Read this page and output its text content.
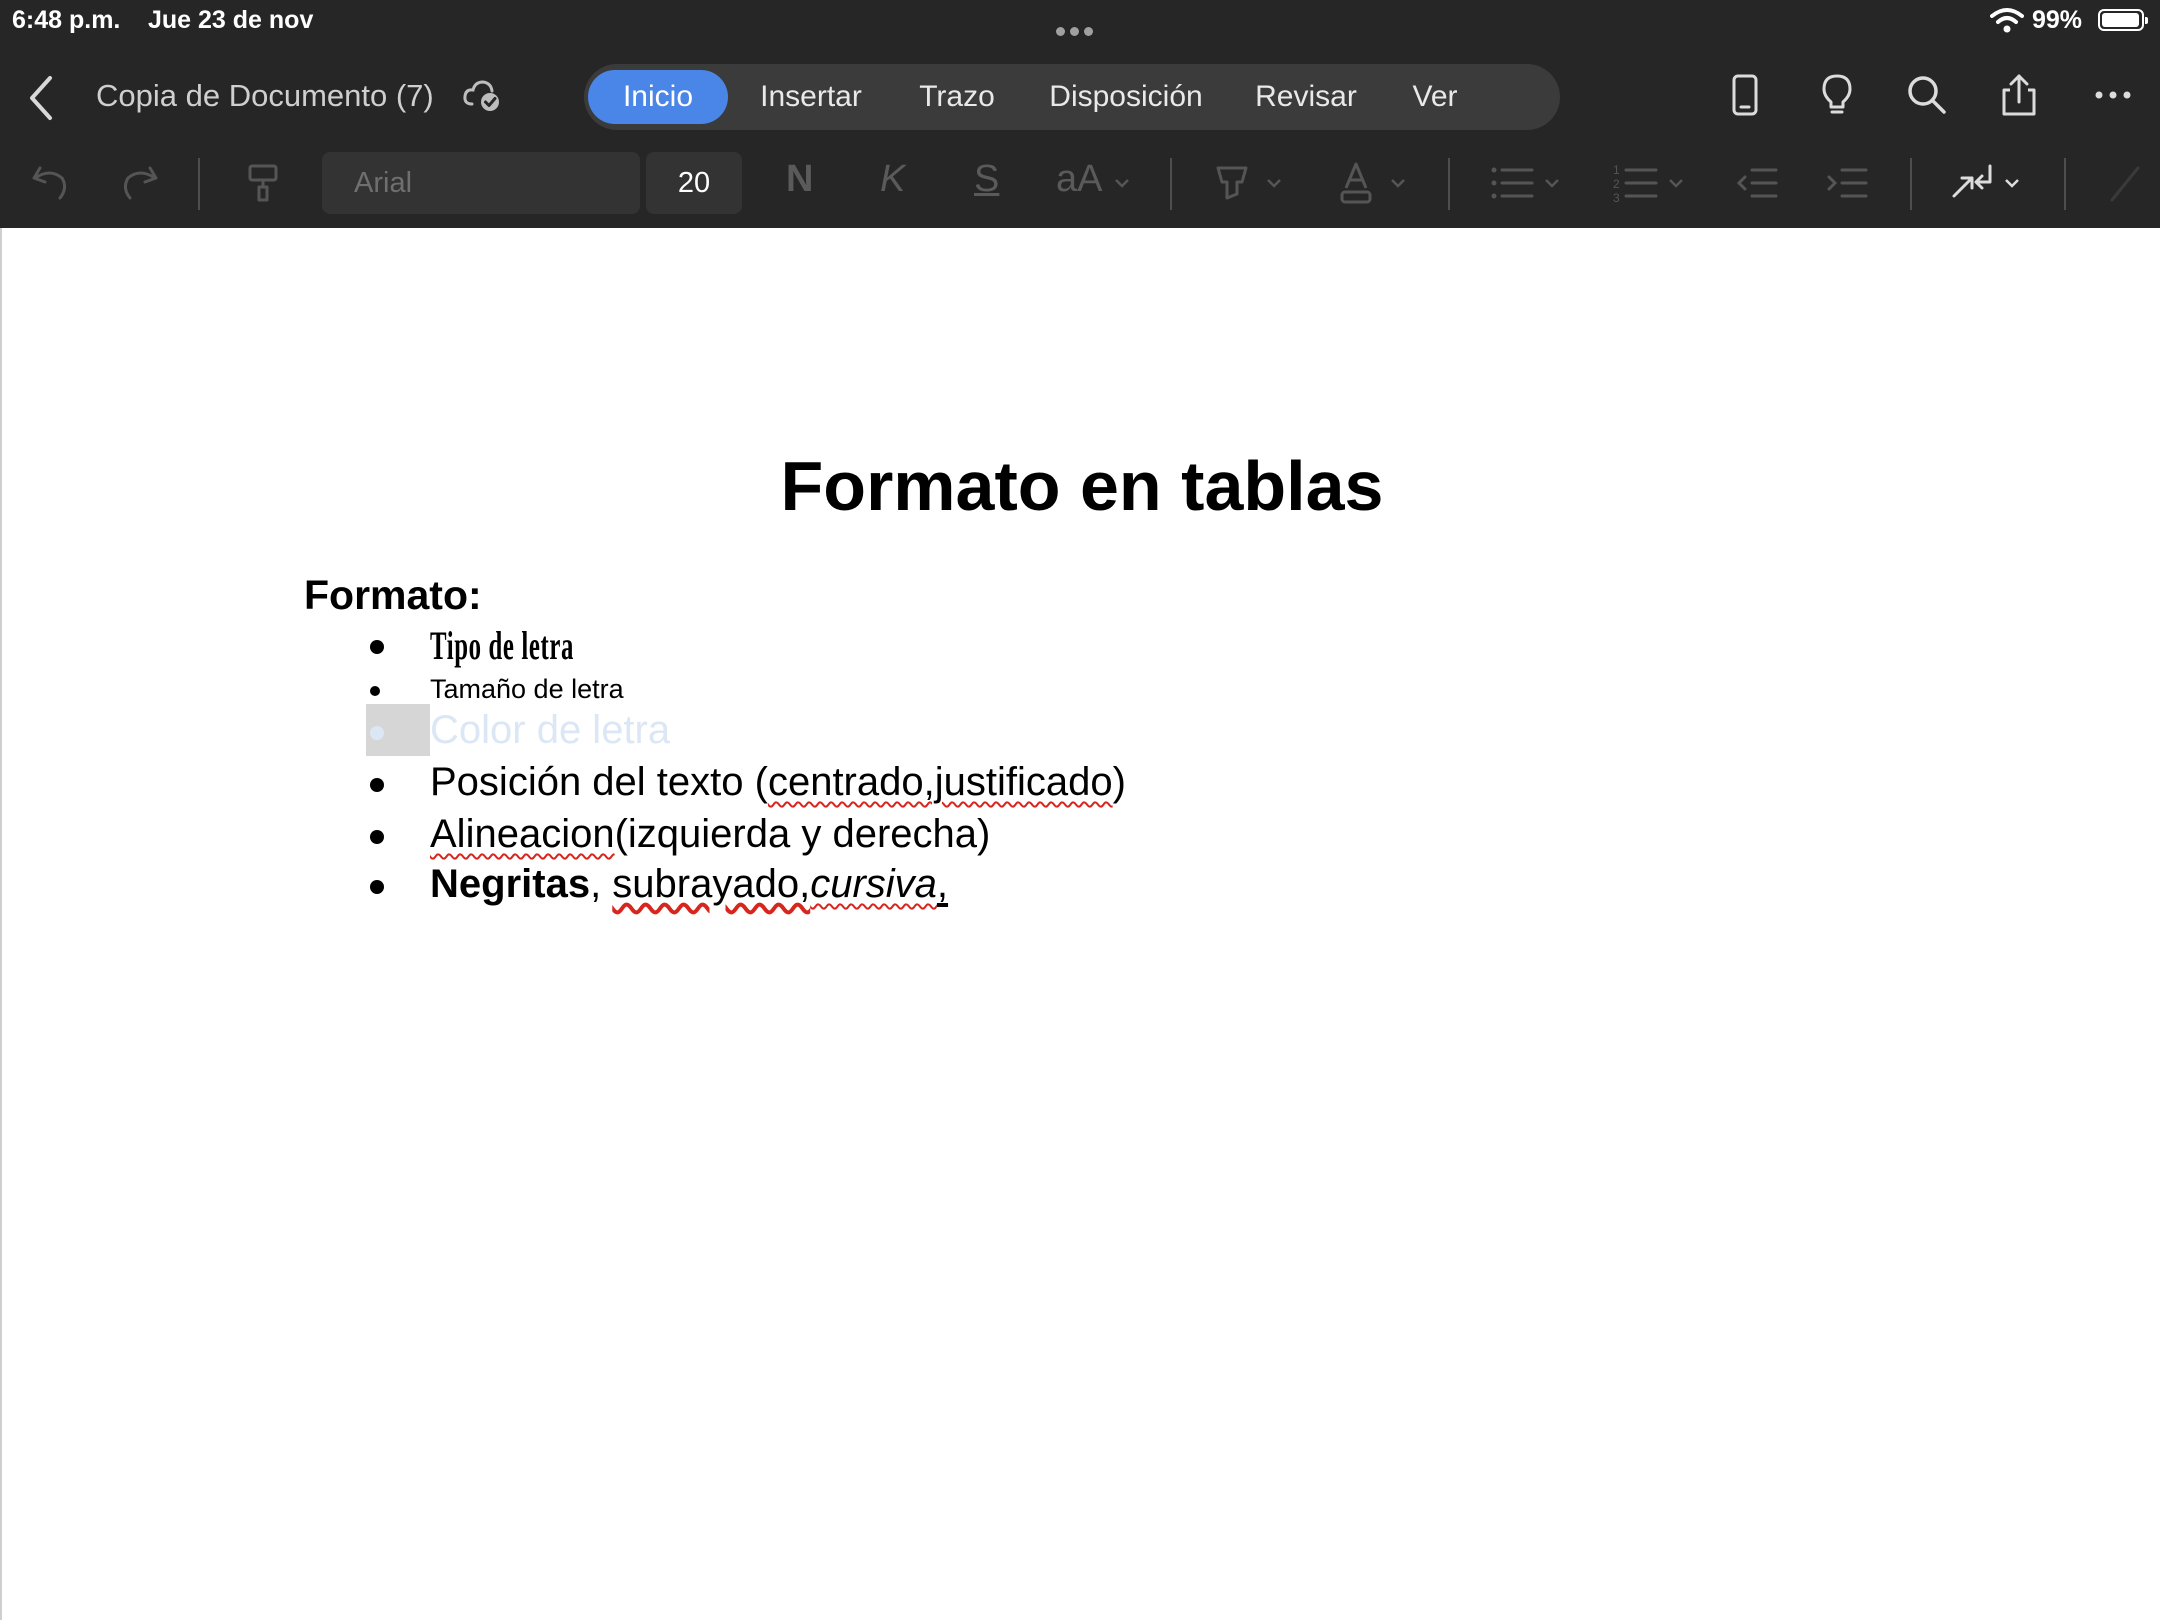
6:48 p.m. Jue 23 de nov	99%
Copia de Documento (7)	Inicio	Insertar	Trazo	Disposición	Revisar	Ver
Arial	20	N K S aA	1
2
3
Formato en tablas
Formato:
Tipo de letra
Tamaño de letra
Color de letra
Posición del texto (centrado,justificado)
Alineacion(izquierda y derecha)
Negritas, subrayado,cursiva,
